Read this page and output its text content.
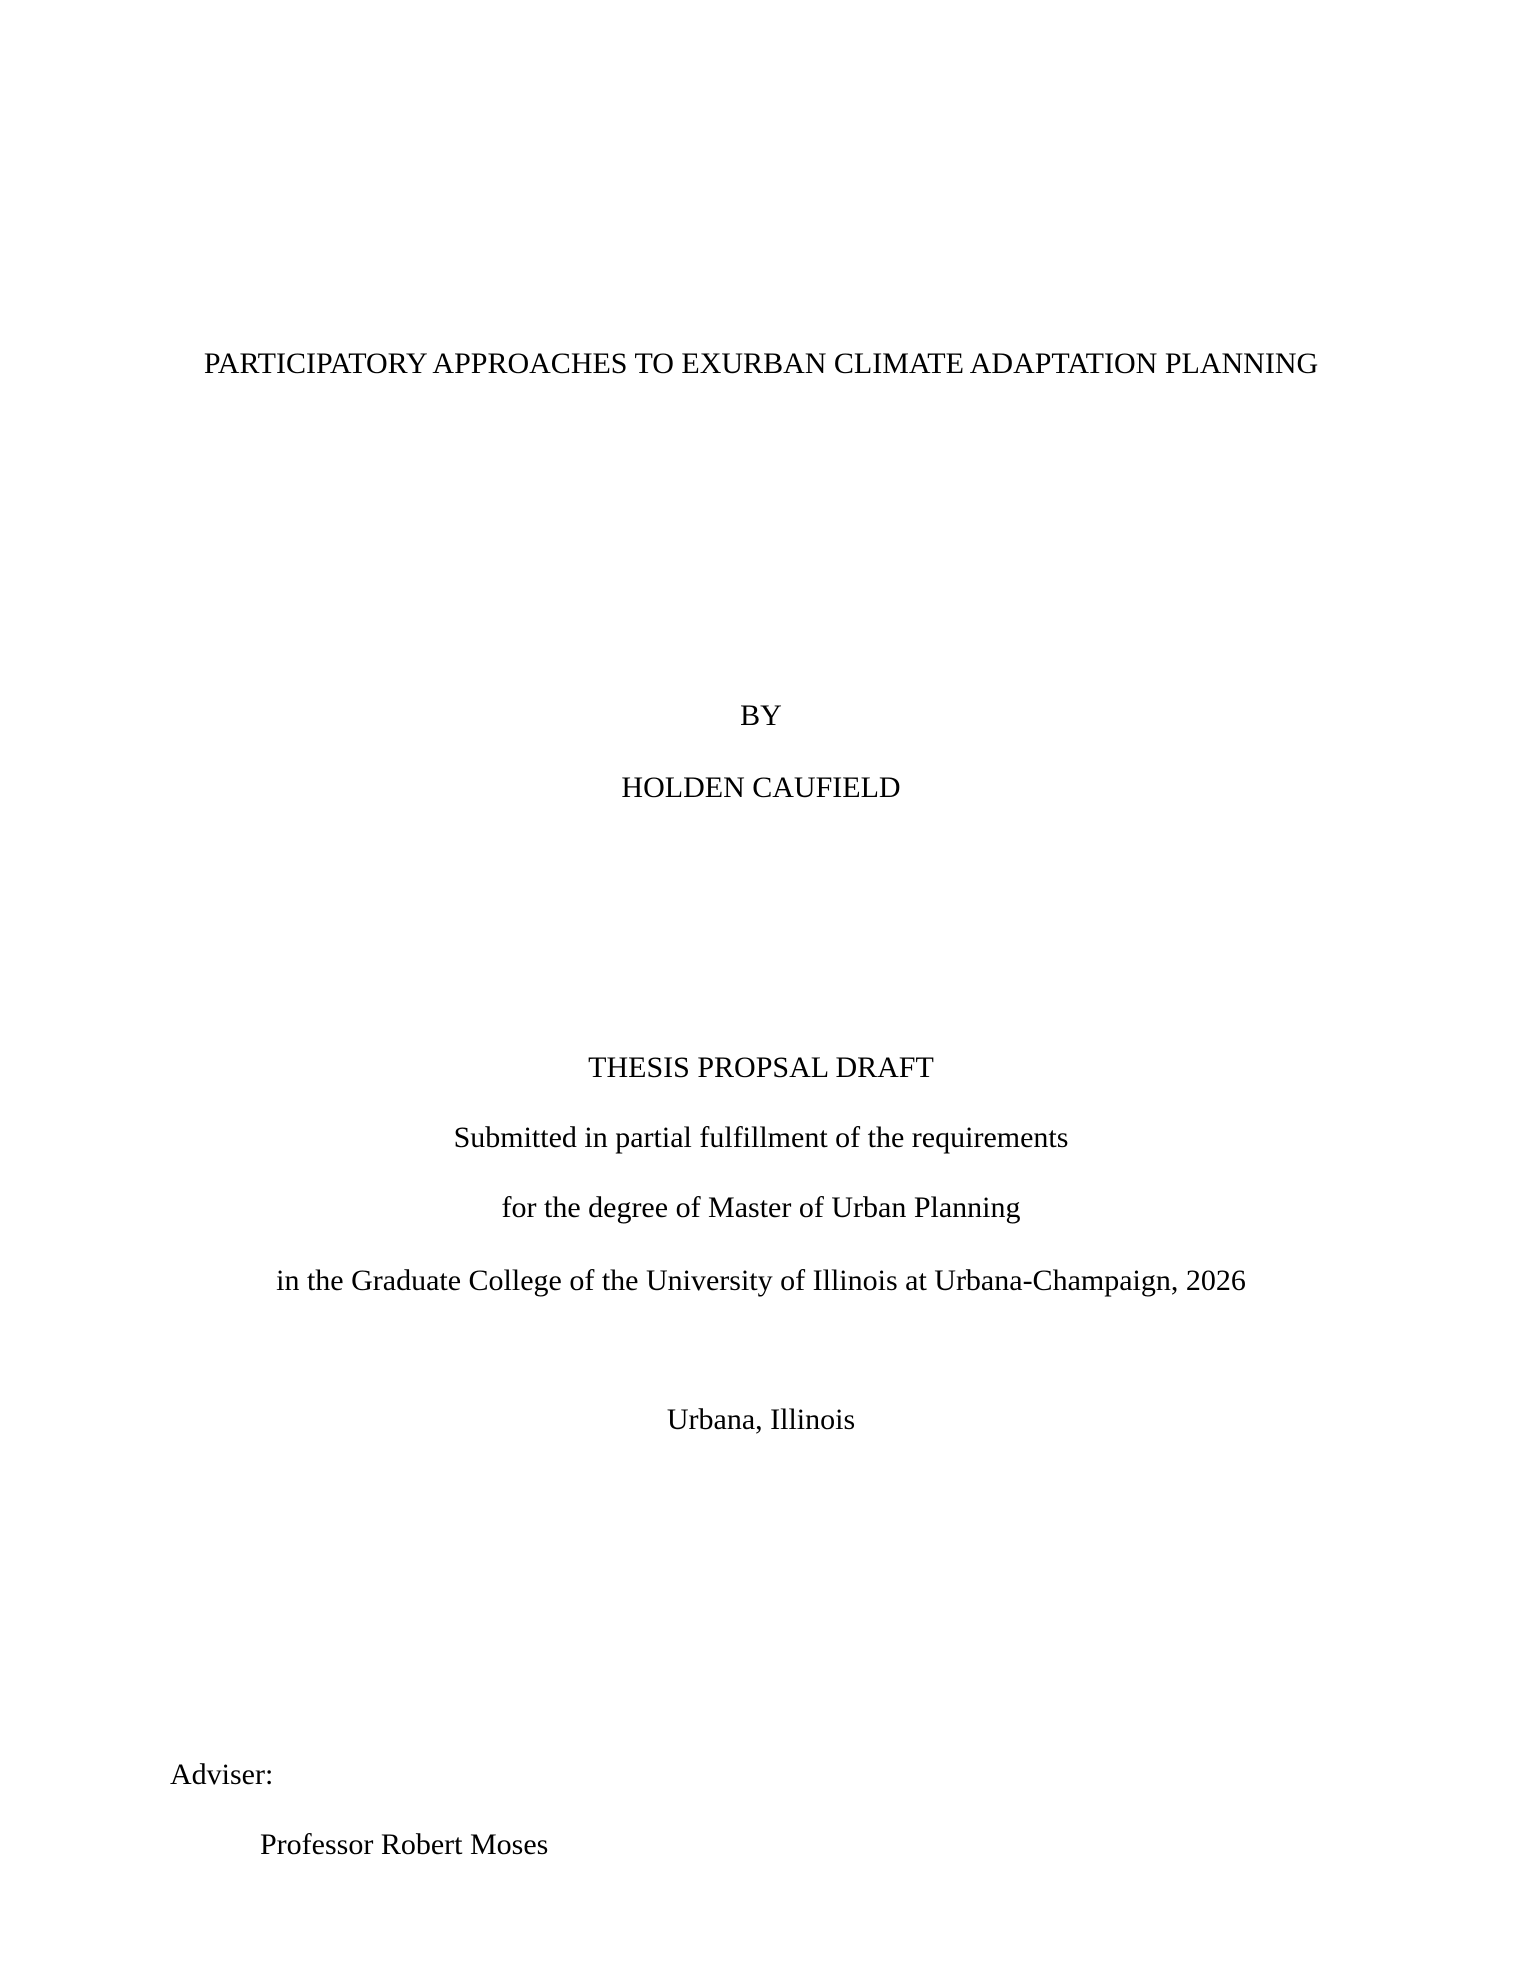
PARTICIPATORY APPROACHES TO EXURBAN CLIMATE ADAPTATION PLANNING
BY
HOLDEN CAUFIELD
THESIS PROPSAL DRAFT
Submitted in partial fulfillment of the requirements
for the degree of Master of Urban Planning
in the Graduate College of the University of Illinois at Urbana-Champaign, 2026
Urbana, Illinois
Adviser:
Professor Robert Moses
